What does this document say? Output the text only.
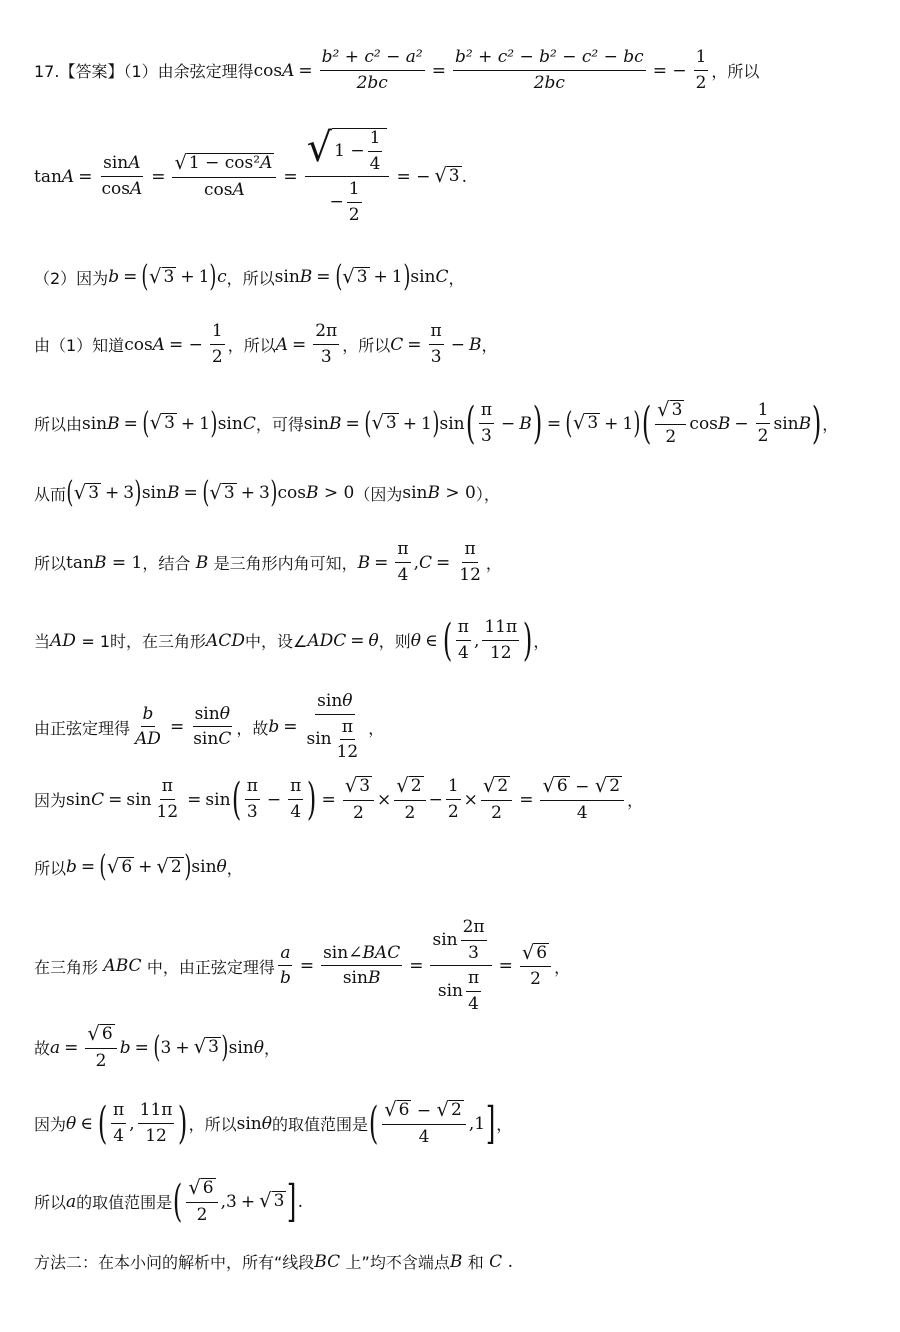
17.【答案】（1）由余弦定理得 $\cos A = \frac{\text{b² + c² − a²}}{2bc} = \frac{\text{b² + c² − b² − c² − bc}}{2bc}$ = − $\frac{1}{2}$ ，所以
$\tan A = \frac{\sin A}{\cos A} = \frac{\text{√ 1 − cos²A}}{\cos A} = \frac{√ 1 - \frac{1}{4}}{- \frac{1}{2}}$ = − √ 3 .
（2）因为 b = ( √ 3 + 1 ) c ，所以 sin B = ( √ 3 + 1 ) sin C ，
由（1）知道 cos A = − $\frac{1}{2}$ ，所以 $A = \frac{2\pi}{3}$ ，所以 $C = \frac{\pi}{3} - B$ ，
所以由 sin B = ( √ 3 + 1 ) sin C ，可得 sin B = ( √ 3 + 1 ) sin ( $\frac{\pi}{3} - B$ ) = ( √ 3 + 1 ) ( $\frac{√ 3}{2}$ $\cos B - \frac{1}{2}$ sin B ) ，
从而 ( √ 3 + 3 ) sin B = ( √ 3 + 3 ) cos B
> 0 （因为 sin B
> 0 ），
所以 tan B
= 1 ，结合
B
是三角形内角可知， $B = \frac{\pi}{4}$ , $C = \frac{\pi}{12}$ ，
当 AD
= 1时，在三角形 ACD 中，设∠ ADC = θ ，则 θ ∈ ( $\frac{\pi}{4}$ , $\frac{11\pi}{12}$ ) ，
由正弦定理得 $\frac{b}{AD} = \frac{\sin\theta}{\sin C}$ ，故 $b = \frac{\sin\theta}{\sin \frac{\pi}{12}}$ ，
因为 $\sin C = \sin \frac{\pi}{12} = \sin$ ( $\frac{\pi}{3} - \frac{\pi}{4}$ ) = $\frac{√ 3}{2} \times \frac{√ 2}{2} - \frac{1}{2} \times \frac{√ 2}{2} = \frac{√ 6 - √ 2}{4}$ ，
所以 b = ( √ 6 + √ 2 ) sin θ ，
在三角形
ABC
中，由正弦定理得 $\frac{a}{b} = \frac{\text{sin∠BAC}}{\sin B} = \frac{\sin \frac{2\pi}{3}}{\sin \frac{\pi}{4}} = \frac{√ 6}{2}$ ，
故 $a = \frac{√ 6}{2}$ b = ( 3 + √ 3 ) sin θ ，
因为 θ ∈ ( $\frac{\pi}{4}$ , $\frac{11\pi}{12}$ ) ，所以 sin θ 的取值范围是 ( $\frac{√ 6 - √ 2}{4}$ , 1 ] ，
所以 a 的取值范围是 ( $\frac{√ 6}{2}$ , 3 + √ 3 ] .
方法二：在本小问的解析中，所有“线段 BC
上”均不含端点 B
和
C
.
